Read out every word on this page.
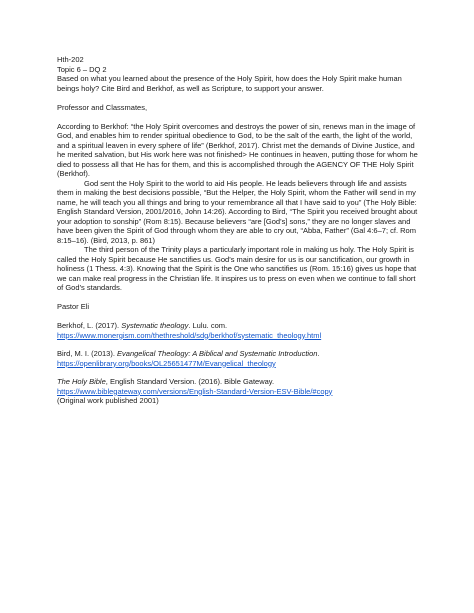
Hth-202
Topic 6 – DQ 2
Based on what you learned about the presence of the Holy Spirit, how does the Holy Spirit make human beings holy? Cite Bird and Berkhof, as well as Scripture, to support your answer.
Professor and Classmates,
According to Berkhof: “the Holy Spirit overcomes and destroys the power of sin, renews man in the image of God, and enables him to render spiritual obedience to God, to be the salt of the earth, the light of the world, and a spiritual leaven in every sphere of life” (Berkhof, 2017). Christ met the demands of Divine Justice, and he merited salvation, but His work here was not finished> He continues in heaven, putting those for whom he died to possess all that He has for them, and this is accomplished through the AGENCY OF THE Holy Spirit (Berkhof).
God sent the Holy Spirit to the world to aid His people. He leads believers through life and assists them in making the best decisions possible, “But the Helper, the Holy Spirit, whom the Father will send in my name, he will teach you all things and bring to your remembrance all that I have said to you” (The Holy Bible: English Standard Version, 2001/2016, John 14:26). According to Bird, “The Spirit you received brought about your adoption to sonship” (Rom 8:15). Because believers “are [God’s] sons,” they are no longer slaves and have been given the Spirit of God through whom they are able to cry out, “Abba, Father” (Gal 4:6–7; cf. Rom 8:15–16). (Bird, 2013, p. 861)
The third person of the Trinity plays a particularly important role in making us holy. The Holy Spirit is called the Holy Spirit because He sanctifies us. God’s main desire for us is our sanctification, our growth in holiness (1 Thess. 4:3). Knowing that the Spirit is the One who sanctifies us (Rom. 15:16) gives us hope that we can make real progress in the Christian life. It inspires us to press on even when we continue to fall short of God’s standards.
Pastor Eli
Berkhof, L. (2017). Systematic theology. Lulu. com.
https://www.monergism.com/thethreshold/sdg/berkhof/systematic_theology.html
Bird, M. I. (2013). Evangelical Theology: A Biblical and Systematic Introduction.
https://openlibrary.org/books/OL25651477M/Evangelical_theology
The Holy Bible, English Standard Version. (2016). Bible Gateway.
https://www.biblegateway.com/versions/English-Standard-Version-ESV-Bible/#copy
(Original work published 2001)
